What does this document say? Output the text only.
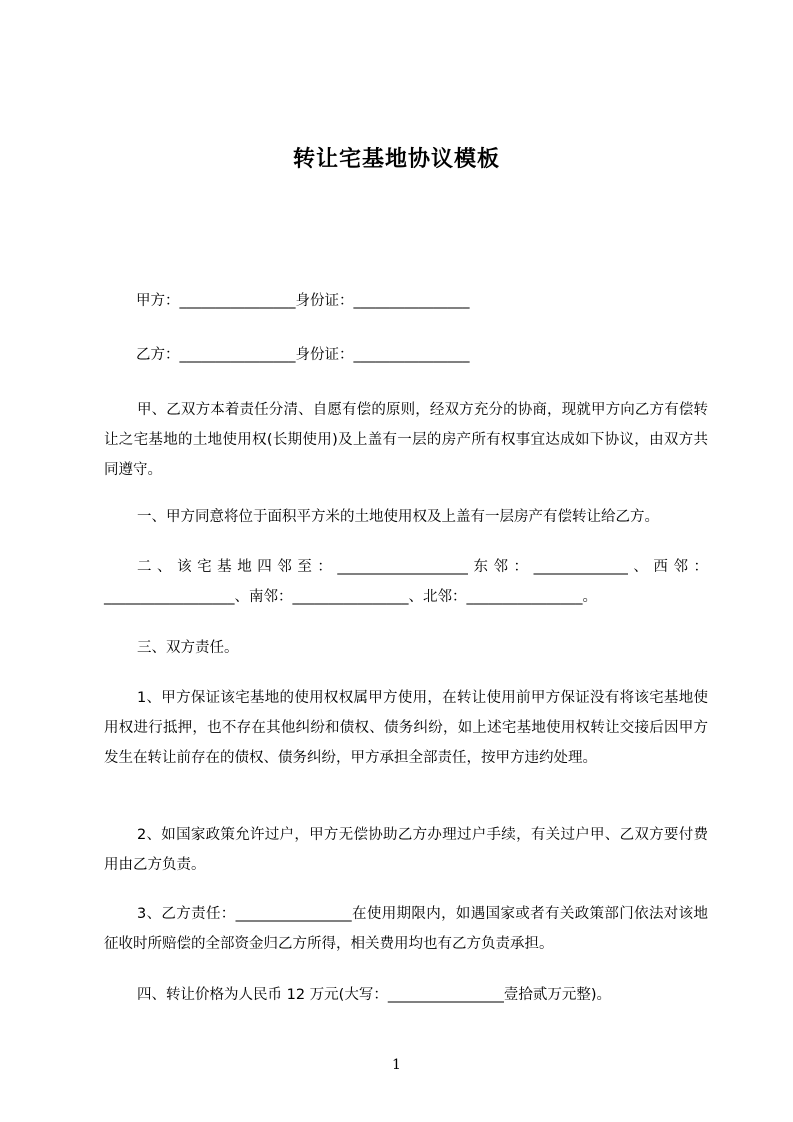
转让宅基地协议模板
甲方：________________身份证：________________
乙方：________________身份证：________________
甲、乙双方本着责任分清、自愿有偿的原则，经双方充分的协商，现就甲方向乙方有偿转让之宅基地的土地使用权(长期使用)及上盖有一层的房产所有权事宜达成如下协议，由双方共同遵守。
一、甲方同意将位于面积平方米的土地使用权及上盖有一层房产有偿转让给乙方。
二、该宅基地四邻至：__________________东邻：_____________、西邻：__________________、南邻：________________、北邻：________________。
三、双方责任。
1、甲方保证该宅基地的使用权权属甲方使用，在转让使用前甲方保证没有将该宅基地使用权进行抵押，也不存在其他纠纷和债权、债务纠纷，如上述宅基地使用权转让交接后因甲方发生在转让前存在的债权、债务纠纷，甲方承担全部责任，按甲方违约处理。
2、如国家政策允许过户，甲方无偿协助乙方办理过户手续，有关过户甲、乙双方要付费用由乙方负责。
3、乙方责任：________________在使用期限内，如遇国家或者有关政策部门依法对该地征收时所赔偿的全部资金归乙方所得，相关费用均也有乙方负责承担。
四、转让价格为人民币 12 万元(大写：________________壹拾贰万元整)。
1
